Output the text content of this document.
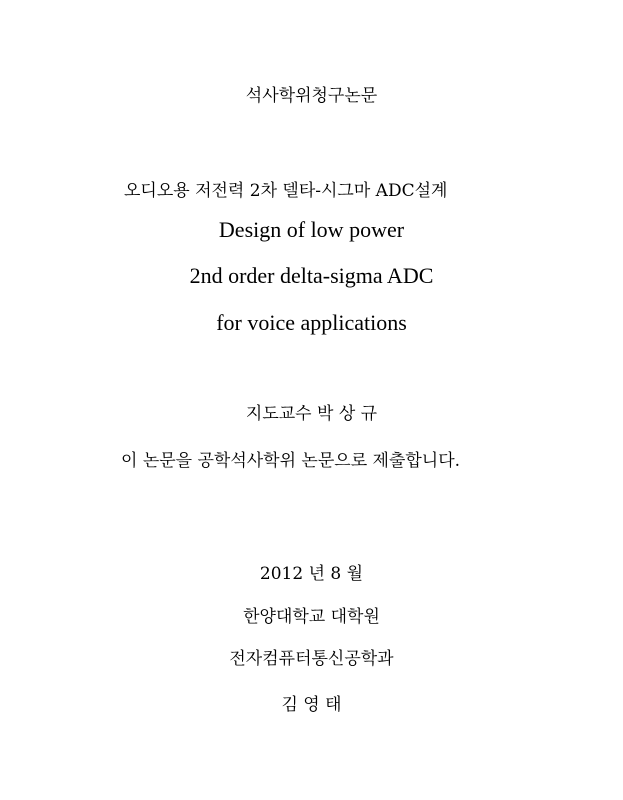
석사학위청구논문
오디오용 저전력 2차 델타-시그마 ADC설계
Design of low power
2nd order delta-sigma ADC
for voice applications
지도교수 박 상 규
이 논문을 공학석사학위 논문으로 제출합니다.
2012 년 8 월
한양대학교 대학원
전자컴퓨터통신공학과
김 영 태
